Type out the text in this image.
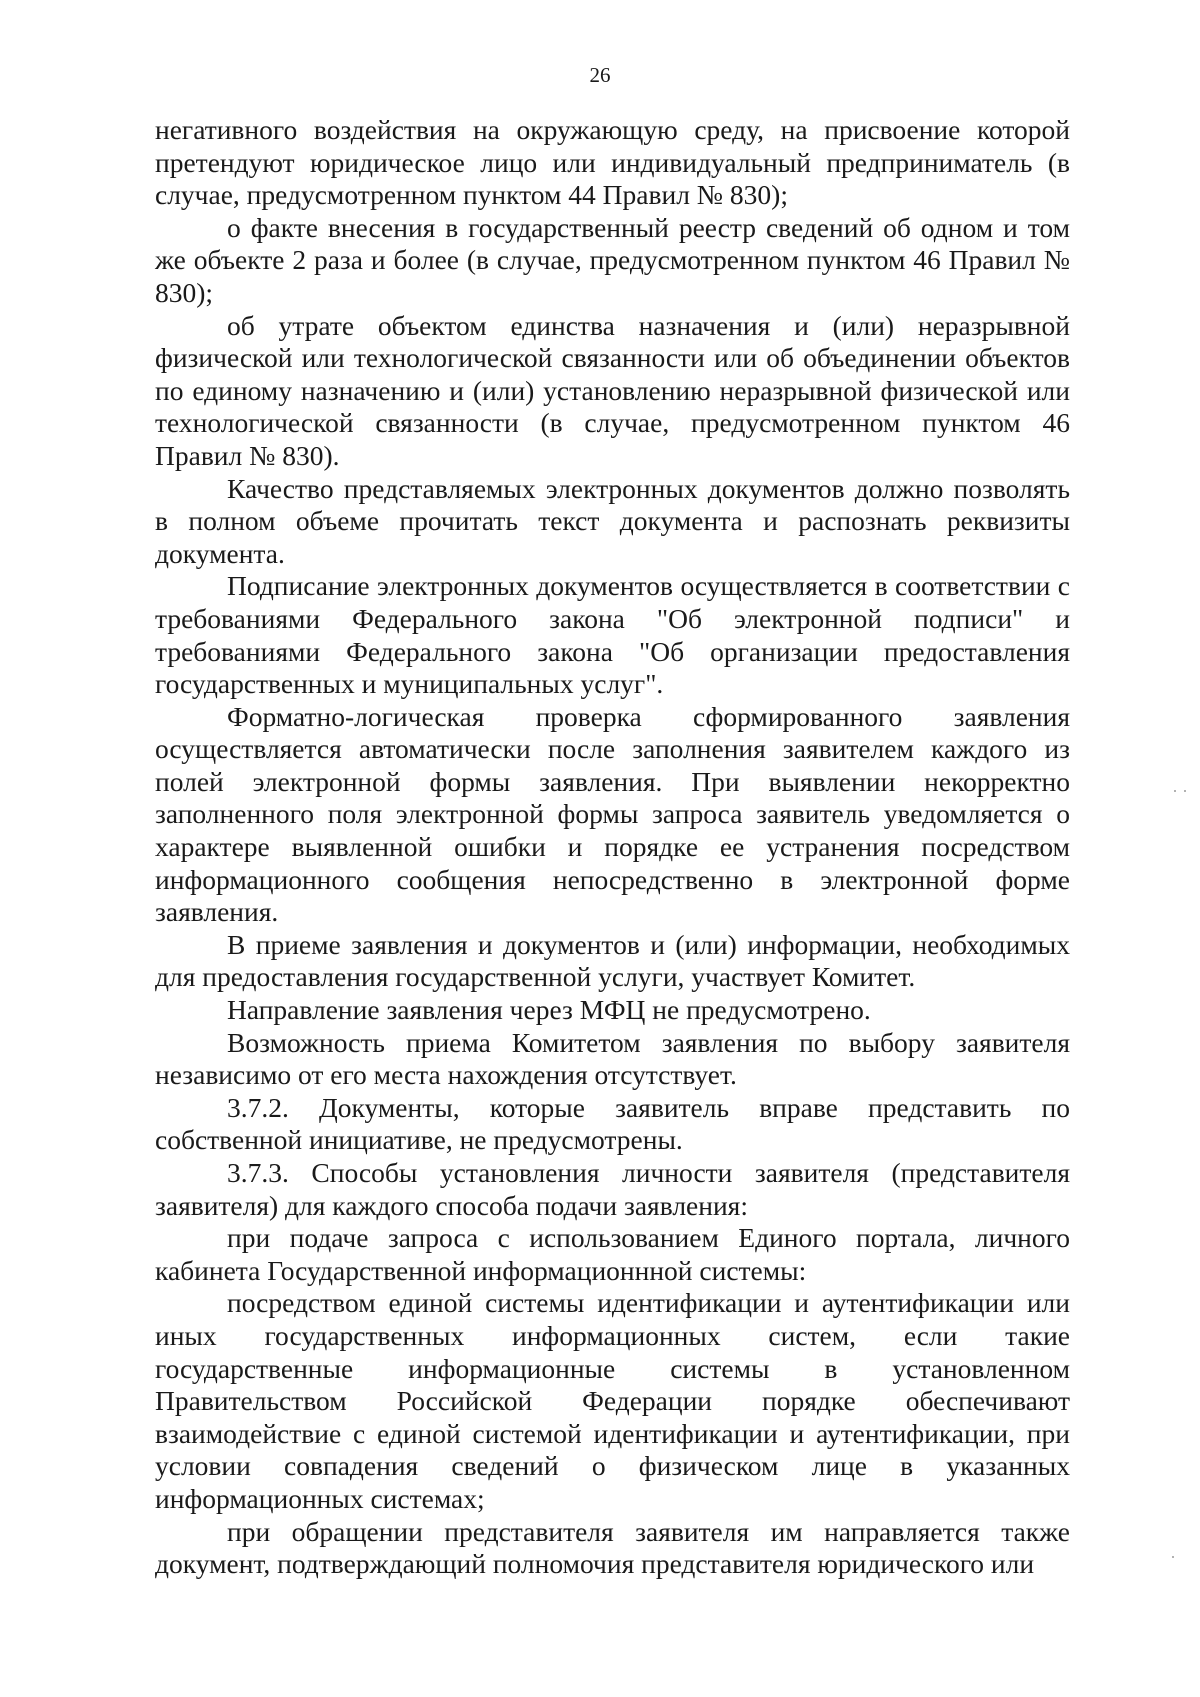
26

негативного воздействия на окружающую среду, на присвоение которой претендуют юридическое лицо или индивидуальный предприниматель (в случае, предусмотренном пунктом 44 Правил № 830);

о факте внесения в государственный реестр сведений об одном и том же объекте 2 раза и более (в случае, предусмотренном пунктом 46 Правил № 830);

об утрате объектом единства назначения и (или) неразрывной физической или технологической связанности или об объединении объектов по единому назначению и (или) установлению неразрывной физической или технологической связанности (в случае, предусмотренном пунктом 46 Правил № 830).

Качество представляемых электронных документов должно позволять в полном объеме прочитать текст документа и распознать реквизиты документа.

Подписание электронных документов осуществляется в соответствии с требованиями Федерального закона "Об электронной подписи" и требованиями Федерального закона "Об организации предоставления государственных и муниципальных услуг".

Форматно-логическая проверка сформированного заявления осуществляется автоматически после заполнения заявителем каждого из полей электронной формы заявления. При выявлении некорректно заполненного поля электронной формы запроса заявитель уведомляется о характере выявленной ошибки и порядке ее устранения посредством информационного сообщения непосредственно в электронной форме заявления.

В приеме заявления и документов и (или) информации, необходимых для предоставления государственной услуги, участвует Комитет.

Направление заявления через МФЦ не предусмотрено.

Возможность приема Комитетом заявления по выбору заявителя независимо от его места нахождения отсутствует.

3.7.2. Документы, которые заявитель вправе представить по собственной инициативе, не предусмотрены.

3.7.3. Способы установления личности заявителя (представителя заявителя) для каждого способа подачи заявления:

при подаче запроса с использованием Единого портала, личного кабинета Государственной информационнной системы:

посредством единой системы идентификации и аутентификации или иных государственных информационных систем, если такие государственные информационные системы в установленном Правительством Российской Федерации порядке обеспечивают взаимодействие с единой системой идентификации и аутентификации, при условии совпадения сведений о физическом лице в указанных информационных системах;

при обращении представителя заявителя им направляется также документ, подтверждающий полномочия представителя юридического или
